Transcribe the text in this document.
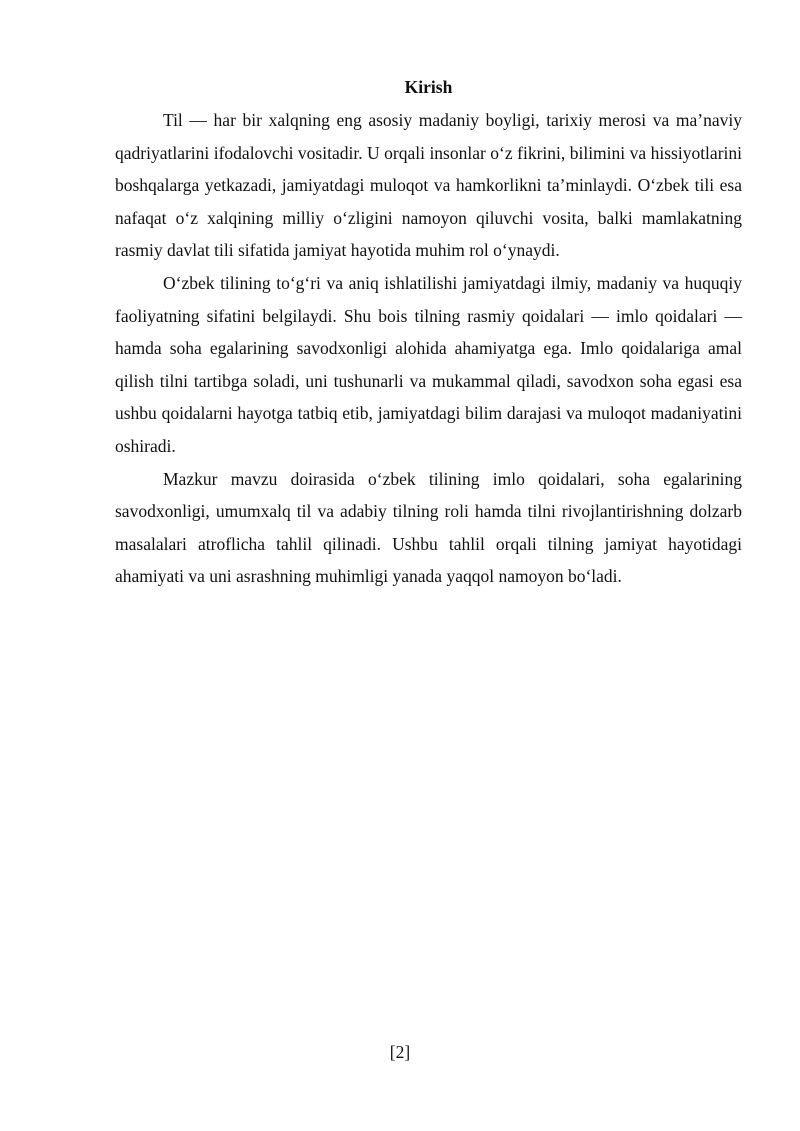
Kirish

Til — har bir xalqning eng asosiy madaniy boyligi, tarixiy merosi va ma’naviy qadriyatlarini ifodalovchi vositadir. U orqali insonlar o‘z fikrini, bilimini va hissiyotlarini boshqalarga yetkazadi, jamiyatdagi muloqot va hamkorlikni ta’minlaydi. O‘zbek tili esa nafaqat o‘z xalqining milliy o‘zligini namoyon qiluvchi vosita, balki mamlakatning rasmiy davlat tili sifatida jamiyat hayotida muhim rol o‘ynaydi.

O‘zbek tilining to‘g‘ri va aniq ishlatilishi jamiyatdagi ilmiy, madaniy va huquqiy faoliyatning sifatini belgilaydi. Shu bois tilning rasmiy qoidalari — imlo qoidalari — hamda soha egalarining savodxonligi alohida ahamiyatga ega. Imlo qoidalariga amal qilish tilni tartibga soladi, uni tushunarli va mukammal qiladi, savodxon soha egasi esa ushbu qoidalarni hayotga tatbiq etib, jamiyatdagi bilim darajasi va muloqot madaniyatini oshiradi.

Mazkur mavzu doirasida o‘zbek tilining imlo qoidalari, soha egalarining savodxonligi, umumxalq til va adabiy tilning roli hamda tilni rivojlantirishning dolzarb masalalari atroflicha tahlil qilinadi. Ushbu tahlil orqali tilning jamiyat hayotidagi ahamiyati va uni asrashning muhimligi yanada yaqqol namoyon bo‘ladi.

[2]
